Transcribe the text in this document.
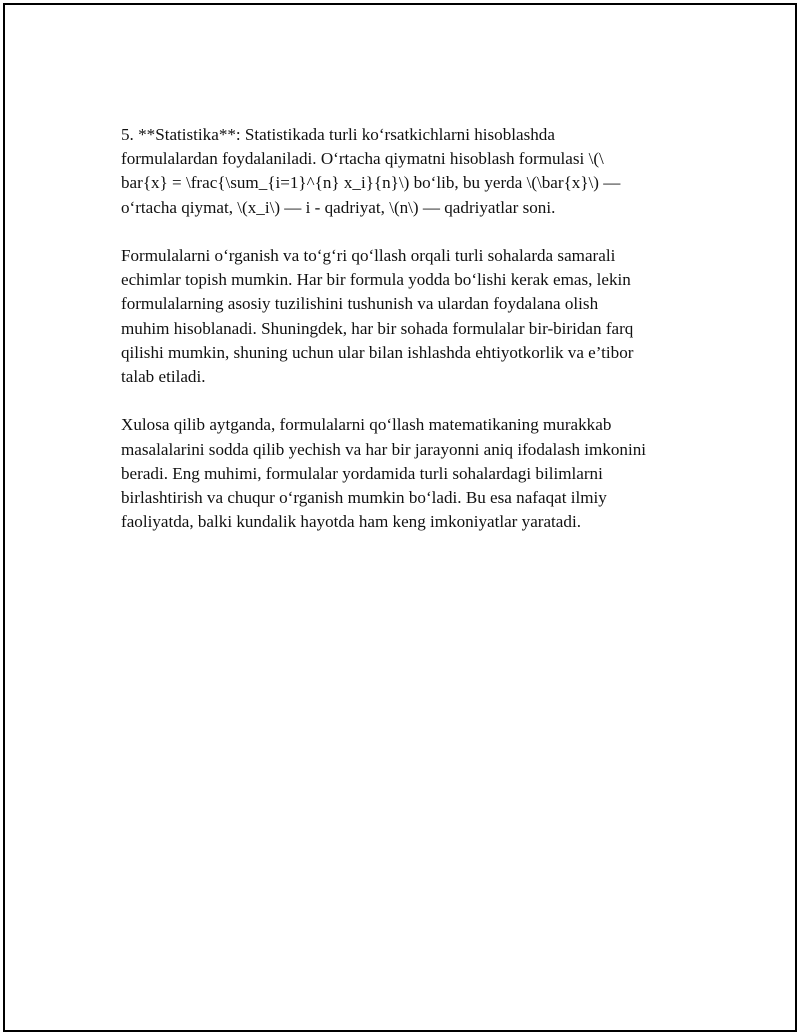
5. **Statistika**: Statistikada turli ko‘rsatkichlarni hisoblashda
formulalardan foydalaniladi. O‘rtacha qiymatni hisoblash formulasi \(\
bar{x} = \frac{\sum_{i=1}^{n} x_i}{n}\) bo‘lib, bu yerda \(\bar{x}\) —
o‘rtacha qiymat, \(x_i\) — i - qadriyat, \(n\) — qadriyatlar soni.

Formulalarni o‘rganish va to‘g‘ri qo‘llash orqali turli sohalarda samarali
echimlar topish mumkin. Har bir formula yodda bo‘lishi kerak emas, lekin
formulalarning asosiy tuzilishini tushunish va ulardan foydalana olish
muhim hisoblanadi. Shuningdek, har bir sohada formulalar bir-biridan farq
qilishi mumkin, shuning uchun ular bilan ishlashda ehtiyotkorlik va e’tibor
talab etiladi.

Xulosa qilib aytganda, formulalarni qo‘llash matematikaning murakkab
masalalarini sodda qilib yechish va har bir jarayonni aniq ifodalash imkonini
beradi. Eng muhimi, formulalar yordamida turli sohalardagi bilimlarni
birlashtirish va chuqur o‘rganish mumkin bo‘ladi. Bu esa nafaqat ilmiy
faoliyatda, balki kundalik hayotda ham keng imkoniyatlar yaratadi.
